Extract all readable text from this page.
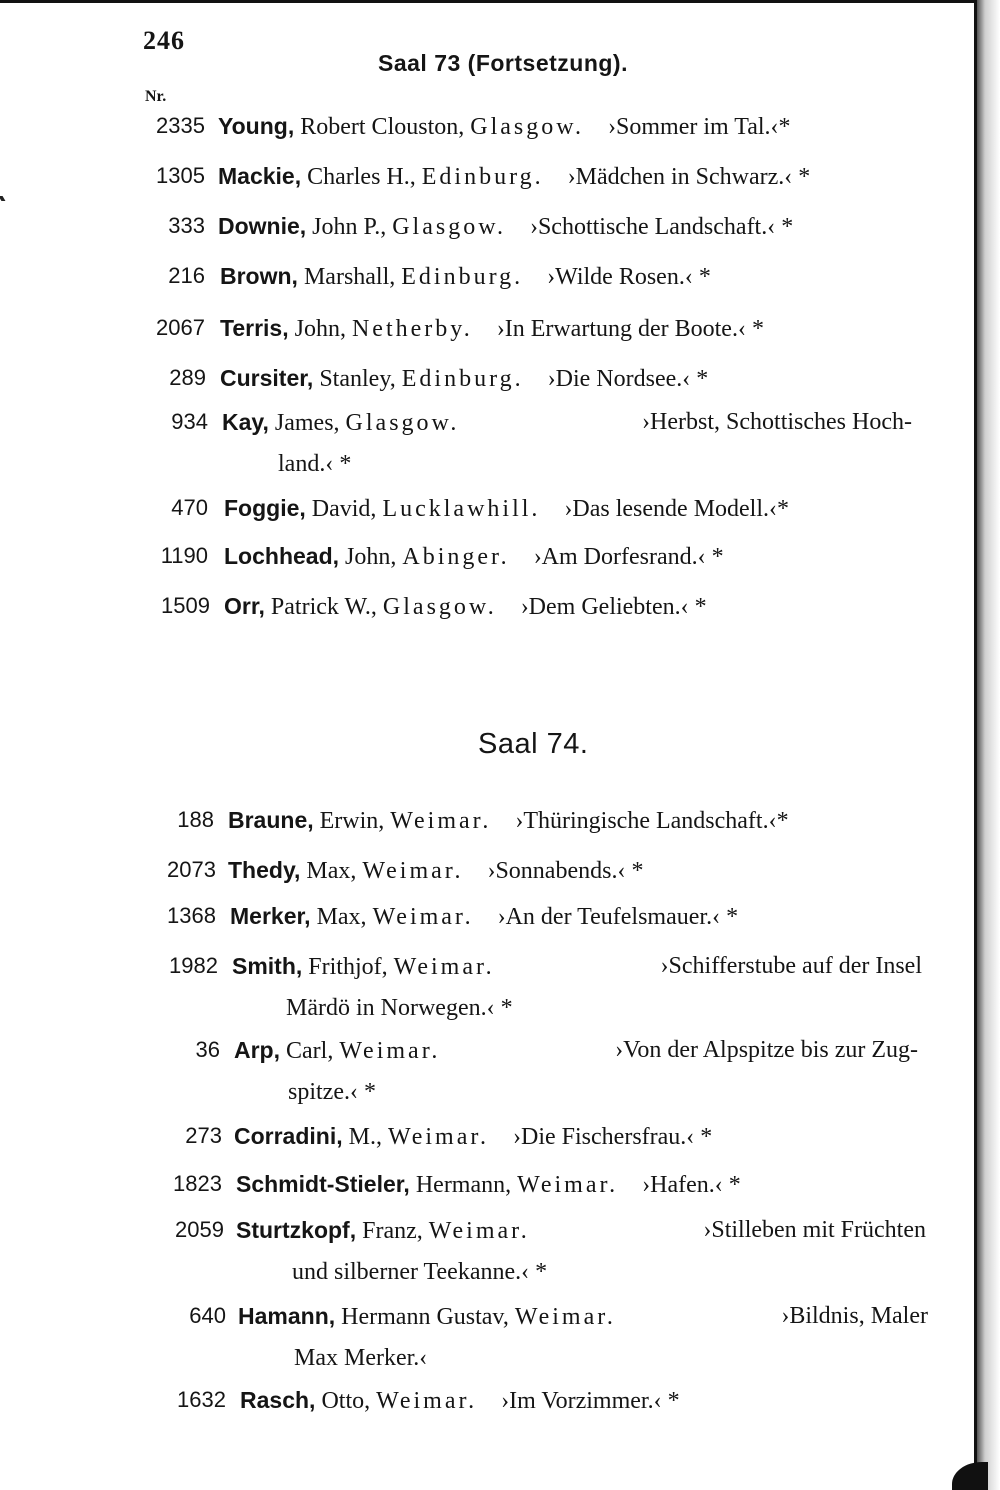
246
Saal 73 (Fortsetzung).
Nr.
2335 Young, Robert Clouston, Glasgow.   ›Sommer im Tal.‹*
1305 Mackie, Charles H., Edinburg.   ›Mädchen in Schwarz.‹ *
333 Downie, John P., Glasgow.   ›Schottische Landschaft.‹ *
216 Brown, Marshall, Edinburg.   ›Wilde Rosen.‹ *
2067 Terris, John, Netherby.   ›In Erwartung der Boote.‹ *
289 Cursiter, Stanley, Edinburg.   ›Die Nordsee.‹ *
934 Kay, James, Glasgow.	›Herbst, Schottisches Hoch-
land.‹ *
470 Foggie, David, Lucklawhill.   ›Das lesende Modell.‹*
1190 Lochhead, John, Abinger.   ›Am Dorfesrand.‹ *
1509 Orr, Patrick W., Glasgow.   ›Dem Geliebten.‹ *
Saal 74.
188 Braune, Erwin, Weimar.   ›Thüringische Landschaft.‹*
2073 Thedy, Max, Weimar.   ›Sonnabends.‹ *
1368 Merker, Max, Weimar.   ›An der Teufelsmauer.‹ *
1982 Smith, Frithjof, Weimar.	›Schifferstube auf der Insel
Märdö in Norwegen.‹ *
36 Arp, Carl, Weimar.	›Von der Alpspitze bis zur Zug-
spitze.‹ *
273 Corradini, M., Weimar.   ›Die Fischersfrau.‹ *
1823 Schmidt-Stieler, Hermann, Weimar.   ›Hafen.‹ *
2059 Sturtzkopf, Franz, Weimar.	›Stilleben mit Früchten
und silberner Teekanne.‹ *
640 Hamann, Hermann Gustav, Weimar.	›Bildnis, Maler
Max Merker.‹
1632 Rasch, Otto, Weimar.   ›Im Vorzimmer.‹ *
